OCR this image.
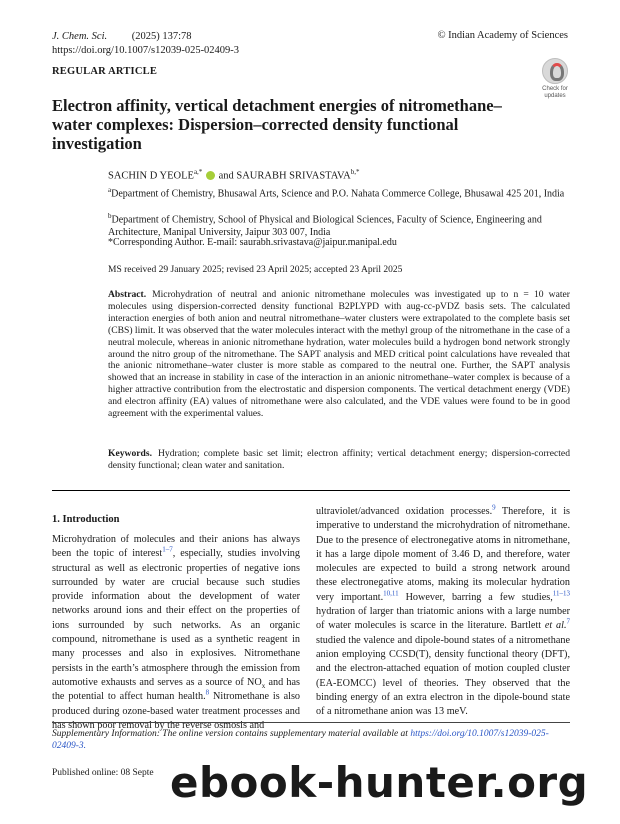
J. Chem. Sci. (2025) 137:78
https://doi.org/10.1007/s12039-025-02409-3
© Indian Academy of Sciences
REGULAR ARTICLE
Check for updates
Electron affinity, vertical detachment energies of nitromethane–water complexes: Dispersion–corrected density functional investigation
SACHIN D $YEOLE^{a,*}$ and SAURABH $SRIVASTAVA^{b,*}$
$^a$Department of Chemistry, Bhusawal Arts, Science and P.O. Nahata Commerce College, Bhusawal 425 201, India
$^b$Department of Chemistry, School of Physical and Biological Sciences, Faculty of Science, Engineering and Architecture, Manipal University, Jaipur 303 007, India
*Corresponding Author. E-mail: saurabh.srivastava@jaipur.manipal.edu
MS received 29 January 2025; revised 23 April 2025; accepted 23 April 2025
Abstract. Microhydration of neutral and anionic nitromethane molecules was investigated up to n = 10 water molecules using dispersion-corrected density functional B2PLYPD with aug-cc-pVDZ basis sets. The calculated interaction energies of both anion and neutral nitromethane–water clusters were extrapolated to the complete basis set (CBS) limit. It was observed that the water molecules interact with the methyl group of the nitromethane in the case of a neutral molecule, whereas in anionic nitromethane hydration, water molecules build a hydrogen bond network strongly around the nitro group of the nitromethane. The SAPT analysis and MED critical point calculations have revealed that the anionic nitromethane–water cluster is more stable as compared to the neutral one. Further, the SAPT analysis showed that an increase in stability in case of the interaction in an anionic nitromethane–water complex is because of a higher attractive contribution from the electrostatic and dispersion components. The vertical detachment energy (VDE) and electron affinity (EA) values of nitromethane were also calculated, and the VDE values were found to be in good agreement with the experimental values.
Keywords. Hydration; complete basic set limit; electron affinity; vertical detachment energy; dispersion-corrected density functional; clean water and sanitation.
1. Introduction
Microhydration of molecules and their anions has always been the topic of interest$^{1-7}$, especially, studies involving structural as well as electronic properties of negative ions surrounded by water are crucial because such studies provide information about the development of water networks around ions and their effect on the properties of ions surrounded by such networks. As an organic compound, nitromethane is used as a synthetic reagent in many processes and also in explosives. Nitromethane persists in the earth’s atmosphere through the emission from automotive exhausts and serves as a source of $NO_x$ and has the potential to affect human health.$^8$ Nitromethane is also produced during ozone-based water treatment processes and has shown poor removal by the reverse osmosis and
ultraviolet/advanced oxidation processes.$^9$ Therefore, it is imperative to understand the microhydration of nitromethane. Due to the presence of electronegative atoms in nitromethane, it has a large dipole moment of 3.46 D, and therefore, water molecules are expected to build a strong network around these electronegative atoms, making its molecular hydration very important.$^{10,11}$ However, barring a few studies,$^{11-13}$ hydration of larger than triatomic anions with a large number of water molecules is scarce in the literature. Bartlett et al.$^7$ studied the valence and dipole-bound states of a nitromethane anion employing CCSD(T), density functional theory (DFT), and the electron-attached equation of motion coupled cluster (EA-EOMCC) level of theories. They observed that the binding energy of an extra electron in the dipole-bound state of a nitromethane anion was 13 meV.
Supplementary Information: The online version contains supplementary material available at https://doi.org/10.1007/s12039-025-02409-3.
Published online: 08 Septe ebook-hunter.org
